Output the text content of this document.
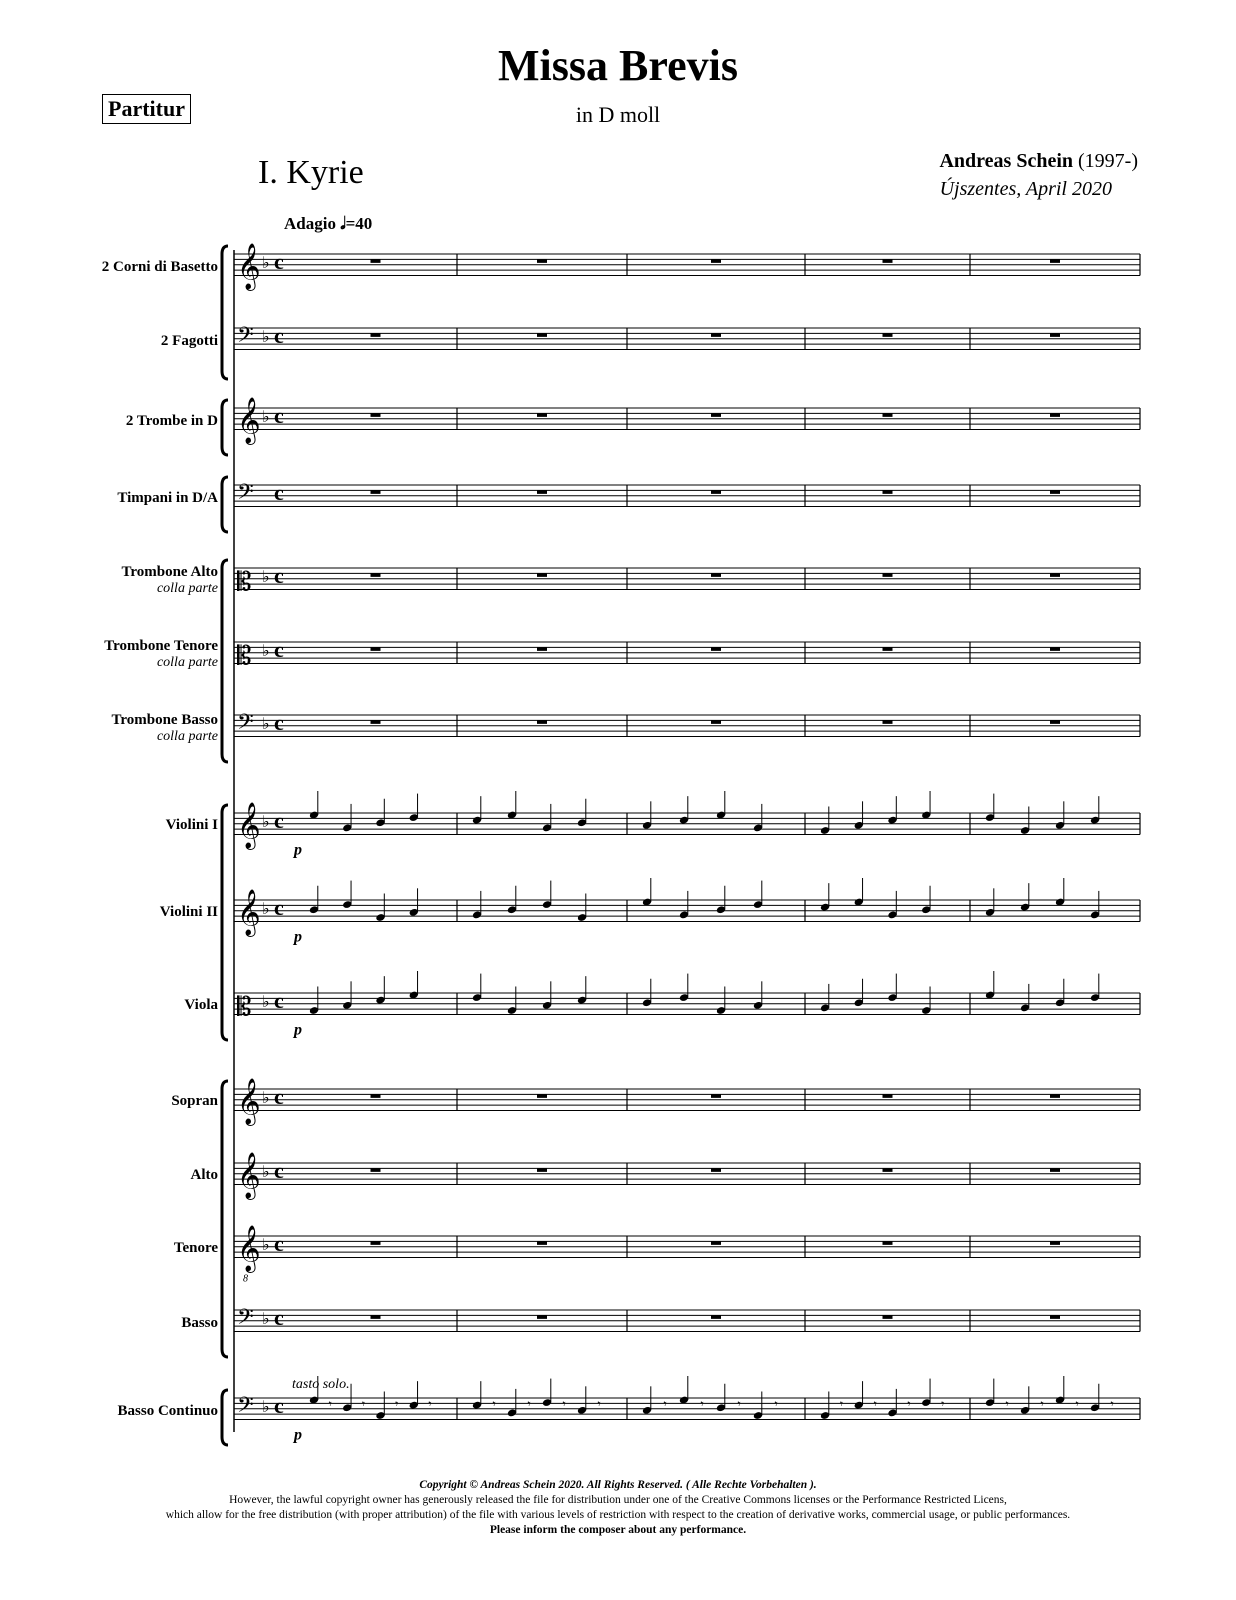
Missa Brevis
in D moll
Partitur
I. Kyrie	Andreas Schein (1997-)
Újszentes, April 2020
Adagio 𝅗𝅥=40
2 Corni di Basetto
2 Fagotti
2 Trombe in D
Timpani in D/A
Trombone Alto
colla parte
Trombone Tenore
colla parte
Trombone Basso
colla parte
Violini I
Violini II
Viola
Sopran
Alto
Tenore
Basso
Basso Continuo
tasto solo.
𝄞 ♭ c
𝄢 ♭ c
𝄞 ♭ c
𝄢 c
𝄡 ♭ c
𝄡 ♭ c
𝄢 ♭ c
𝄞 ♭ c
p
𝄞 ♭ c
p
𝄡 ♭ c
p
𝄞 ♭ c
𝄞 ♭ c
𝄞
8
♭ c
𝄢 ♭ c
𝄢 ♭ c	𝄾	𝄾	𝄾	𝄾	𝄾	𝄾	𝄾	𝄾	𝄾	𝄾	𝄾	𝄾	𝄾	𝄾	𝄾	𝄾	𝄾	𝄾	𝄾	𝄾
p
Copyright © Andreas Schein 2020. All Rights Reserved. ( Alle Rechte Vorbehalten ).
However, the lawful copyright owner has generously released the file for distribution under one of the Creative Commons licenses or the Performance Restricted Licens,
which allow for the free distribution (with proper attribution) of the file with various levels of restriction with respect to the creation of derivative works, commercial usage, or public performances.
Please inform the composer about any performance.
